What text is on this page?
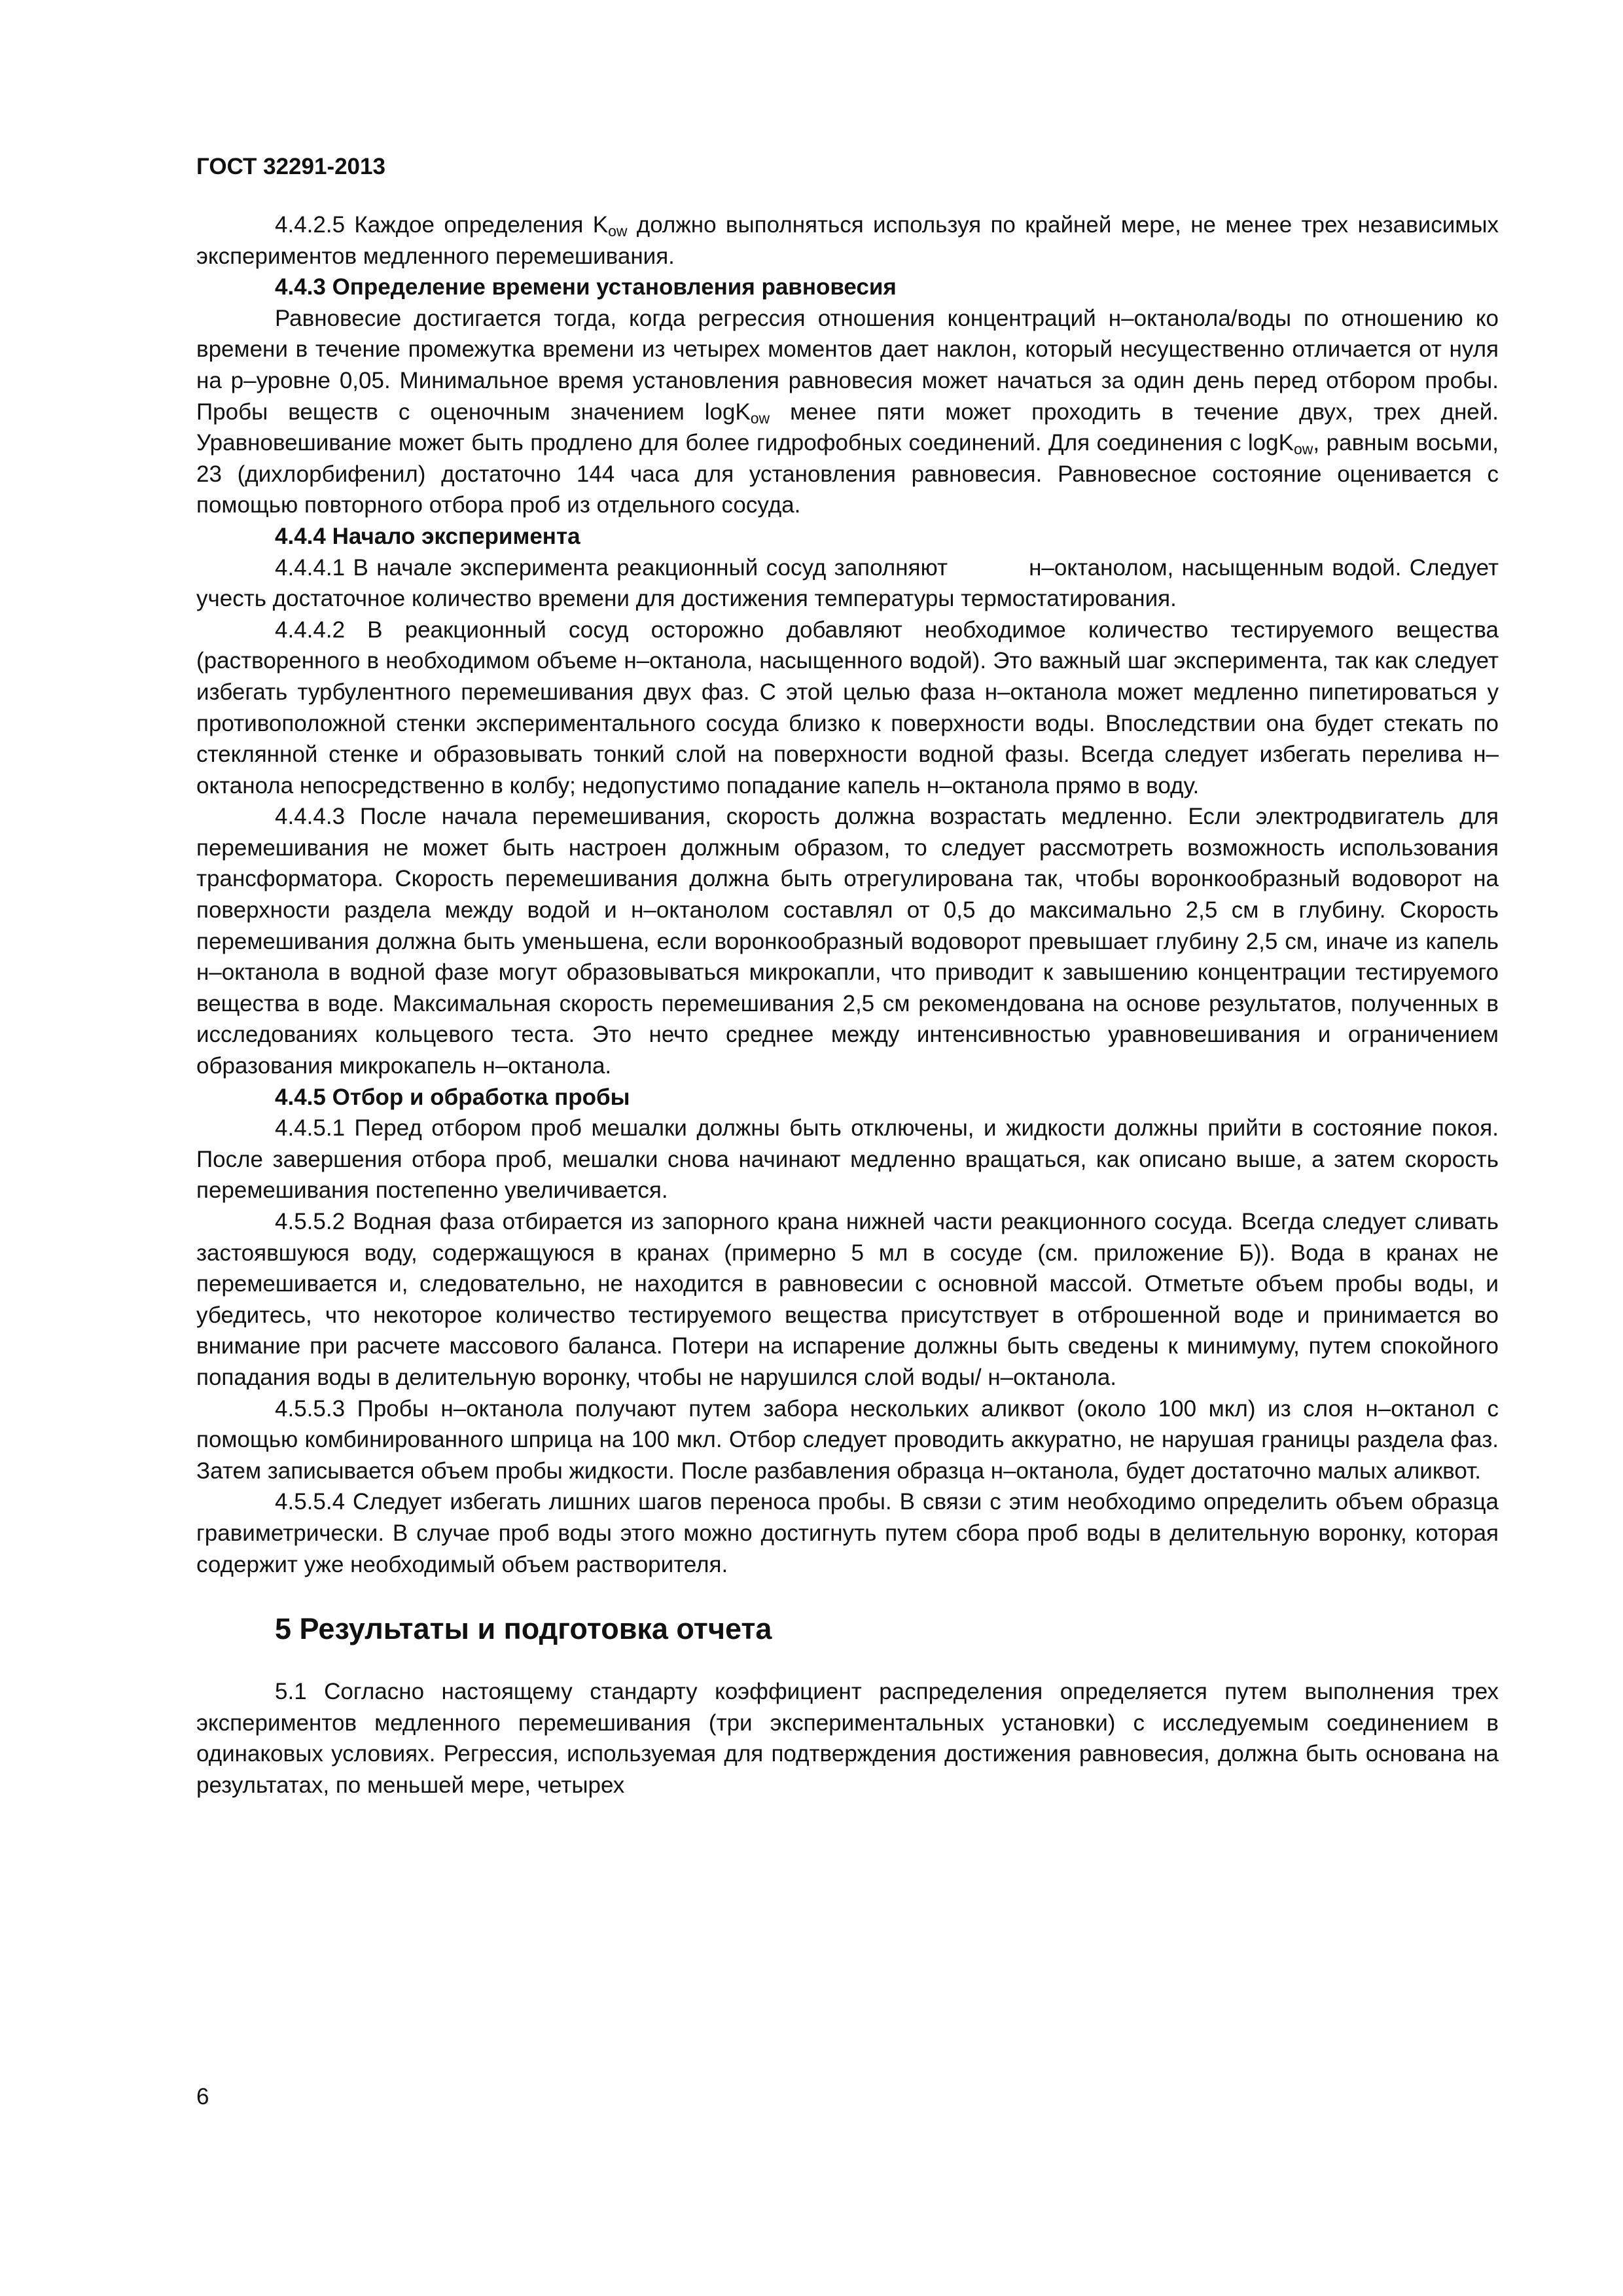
ГОСТ 32291-2013

4.4.2.5 Каждое определения $K_{ow}$ должно выполняться используя по крайней мере, не менее трех независимых экспериментов медленного перемешивания.

4.4.3 Определение времени установления равновесия

Равновесие достигается тогда, когда регрессия отношения концентраций н–октанола/воды по отношению ко времени в течение промежутка времени из четырех моментов дает наклон, который несущественно отличается от нуля на р–уровне 0,05. Минимальное время установления равновесия может начаться за один день перед отбором пробы. Пробы веществ с оценочным значением logK$_{ow}$ менее пяти может проходить в течение двух, трех дней. Уравновешивание может быть продлено для более гидрофобных соединений. Для соединения с logK$_{ow}$, равным восьми, 23 (дихлорбифенил) достаточно 144 часа для установления равновесия. Равновесное состояние оценивается с помощью повторного отбора проб из отдельного сосуда.

4.4.4 Начало эксперимента

4.4.4.1 В начале эксперимента реакционный сосуд заполняют          н–октанолом, насыщенным водой. Следует учесть достаточное количество времени для достижения температуры термостатирования.

4.4.4.2 В реакционный сосуд осторожно добавляют необходимое количество тестируемого вещества (растворенного в необходимом объеме н–октанола, насыщенного водой). Это важный шаг эксперимента, так как следует избегать турбулентного перемешивания двух фаз. С этой целью фаза н–октанола может медленно пипетироваться у противоположной стенки экспериментального сосуда близко к поверхности воды. Впоследствии она будет стекать по стеклянной стенке и образовывать тонкий слой на поверхности водной фазы. Всегда следует избегать перелива н–октанола непосредственно в колбу; недопустимо попадание капель н–октанола прямо в воду.

4.4.4.3 После начала перемешивания, скорость должна возрастать медленно. Если электродвигатель для перемешивания не может быть настроен должным образом, то следует рассмотреть возможность использования трансформатора. Скорость перемешивания должна быть отрегулирована так, чтобы воронкообразный водоворот на поверхности раздела между водой и н–октанолом составлял от 0,5 до максимально 2,5 см в глубину. Скорость перемешивания должна быть уменьшена, если воронкообразный водоворот превышает глубину 2,5 см, иначе из капель н–октанола в водной фазе могут образовываться микрокапли, что приводит к завышению концентрации тестируемого вещества в воде. Максимальная скорость перемешивания 2,5 см рекомендована на основе результатов, полученных в исследованиях кольцевого теста. Это нечто среднее между интенсивностью уравновешивания и ограничением образования микрокапель н–октанола.

4.4.5 Отбор и обработка пробы

4.4.5.1 Перед отбором проб мешалки должны быть отключены, и жидкости должны прийти в состояние покоя. После завершения отбора проб, мешалки снова начинают медленно вращаться, как описано выше, а затем скорость перемешивания постепенно увеличивается.

4.5.5.2 Водная фаза отбирается из запорного крана нижней части реакционного сосуда. Всегда следует сливать застоявшуюся воду, содержащуюся в кранах (примерно 5 мл в сосуде (см. приложение Б)). Вода в кранах не перемешивается и, следовательно, не находится в равновесии с основной массой. Отметьте объем пробы воды, и убедитесь, что некоторое количество тестируемого вещества присутствует в отброшенной воде и принимается во внимание при расчете массового баланса. Потери на испарение должны быть сведены к минимуму, путем спокойного попадания воды в делительную воронку, чтобы не нарушился слой воды/ н–октанола.

4.5.5.3 Пробы н–октанола получают путем забора нескольких аликвот (около 100 мкл) из слоя н–октанол с помощью комбинированного шприца на 100 мкл. Отбор следует проводить аккуратно, не нарушая границы раздела фаз. Затем записывается объем пробы жидкости. После разбавления образца н–октанола, будет достаточно малых аликвот.

4.5.5.4 Следует избегать лишних шагов переноса пробы. В связи с этим необходимо определить объем образца гравиметрически. В случае проб воды этого можно достигнуть путем сбора проб воды в делительную воронку, которая содержит уже необходимый объем растворителя.

5 Результаты и подготовка отчета

5.1 Согласно настоящему стандарту коэффициент распределения определяется путем выполнения трех экспериментов медленного перемешивания (три экспериментальных установки) с исследуемым соединением в одинаковых условиях. Регрессия, используемая для подтверждения достижения равновесия, должна быть основана на результатах, по меньшей мере, четырех

6
